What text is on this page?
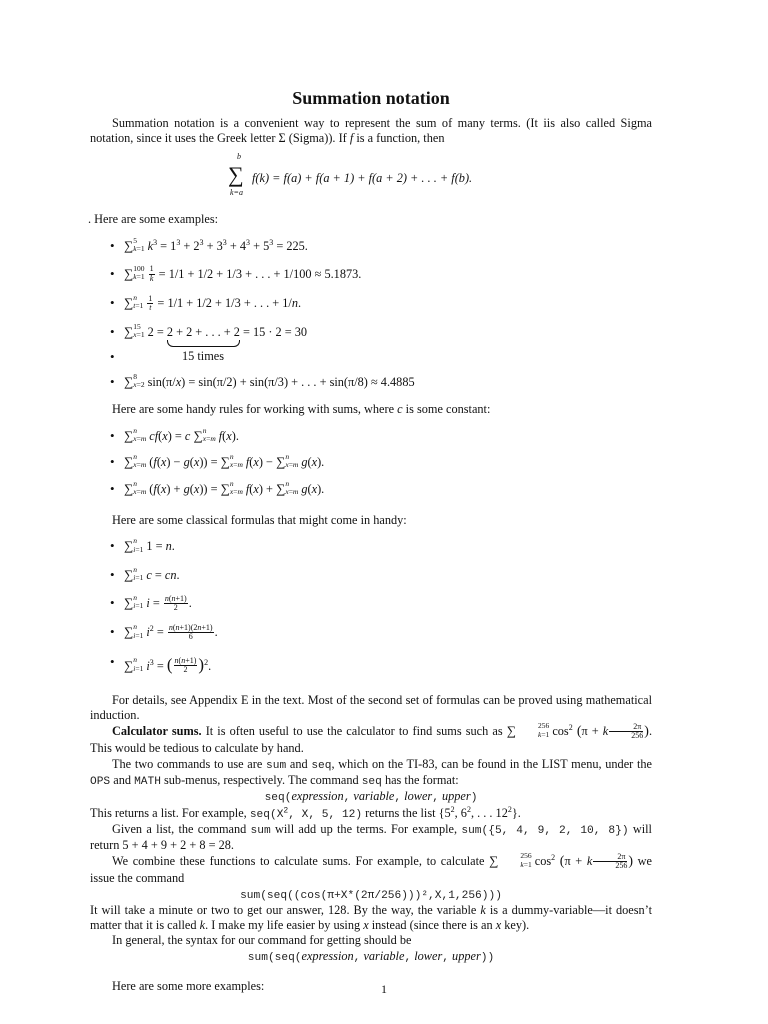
Summation notation

Summation notation is a convenient way to represent the sum of many terms. (It iis also called Sigma notation, since it uses the Greek letter Σ (Sigma)). If f is a function, then

b
∑
k=a
f(k) = f(a) + f(a + 1) + f(a + 2) + . . . + f(b).

. Here are some examples:

• ∑ 5
k=1 $k^3 = 1^3 + 2^3 + 3^3 + 4^3 + 5^3 = 225$.
• ∑ 100
$k=1 \frac{1}{k} = 1/1 + 1/2 + 1/3$ + . . . + 1/100 ≈ 5.1873.
• ∑ n
$t=1 \frac{1}{t} = 1/1 + 1/2 + 1/3$ + . . . + 1/n.
• ∑ 15
x=1 2 = 2 + 2 + . . . + 2
= 15 · 2 = 30
• 15 times
• ∑ 8
x=2 sin(π/x) = sin(π/2) + sin(π/3) + . . . + sin(π/8) ≈ 4.4885

Here are some handy rules for working with sums, where c is some constant:

• ∑ n
x=m cf(x) = c ∑ n
x=m f(x).
• ∑ n
x=m (f(x) − g(x)) = ∑ n
x=m f(x) − ∑ n
x=m g(x).
• ∑ n
x=m (f(x) + g(x)) = ∑ n
x=m f(x) + ∑ n
x=m g(x).

Here are some classical formulas that might come in handy:

• ∑ n
i=1 1 = n.
• ∑ n
i=1 c = cn.
• ∑ n
i=1 $i = \frac{n(n+1)}{2}$ .
• ∑ n
i=1 $i^2 = \frac{n(n+1)(2n+1)}{6}$ .
• ∑ n
i=1 $i^3$ = ( $\frac{n(n+1)}{2} )^2$.

For details, see Appendix E in the text. Most of the second set of formulas can be proved using mathematical induction.

Calculator sums. It is often useful to use the calculator to find sums such as ∑	256
k=1 $\cos^2 (\pi + k \frac{2\pi}{256}$ ). This would be tedious to calculate by hand.

The two commands to use are sum and seq, which on the TI-83, can be found in the LIST menu, under the OPS and MATH sub-menus, respectively. The command seq has the format:

seq(expression, variable, lower, upper)

This returns a list. For example, $seq(X^2$, X, 5, 12) returns the list {$5^2$, $6^2$, . . . $12^2$}.

Given a list, the command sum will add up the terms. For example, sum({5, 4, 9, 2, 10, 8}) will return 5 + 4 + 9 + 2 + 8 = 28.

We combine these functions to calculate sums. For example, to calculate ∑	256
k=1 $\cos^2 (\pi + k \frac{2\pi}{256}$ ) we issue the command

sum(seq((cos(π+X*(2π/256)))²,X,1,256)))

It will take a minute or two to get our answer, 128. By the way, the variable k is a dummy-variable—it doesn’t matter that it is called k. I make my life easier by using x instead (since there is an x key).

In general, the syntax for our command for getting should be

sum(seq(expression, variable, lower, upper))

Here are some more examples:	1
